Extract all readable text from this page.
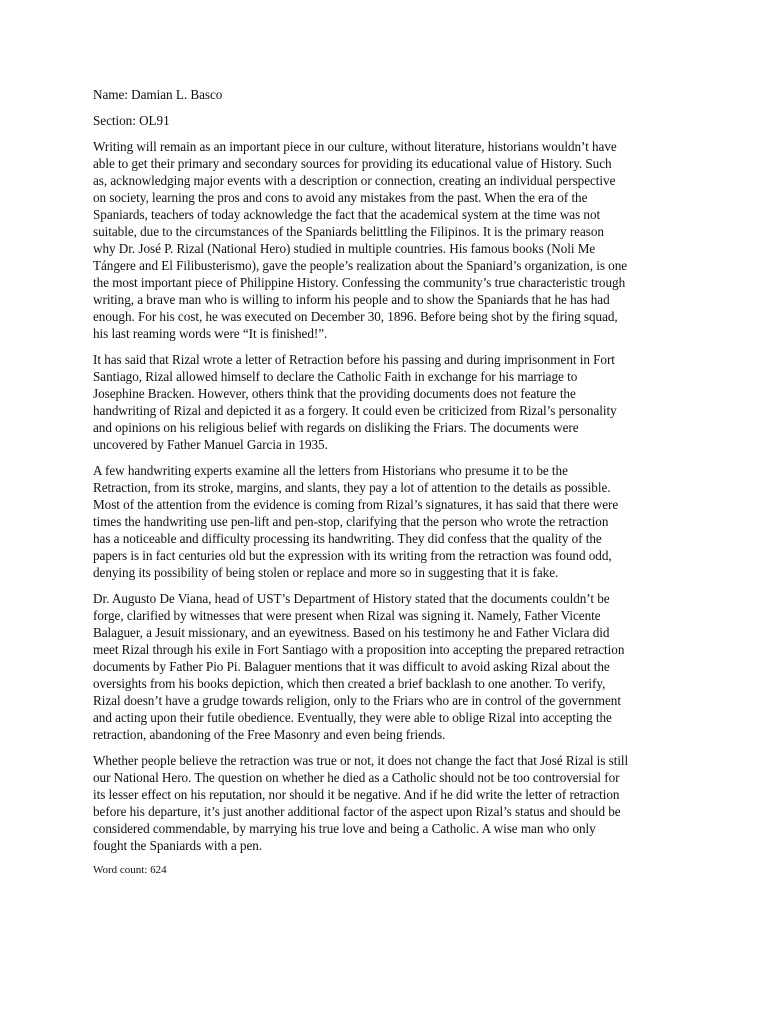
Name: Damian L. Basco

Section: OL91

Writing will remain as an important piece in our culture, without literature, historians wouldn’t have

able to get their primary and secondary sources for providing its educational value of History. Such

as, acknowledging major events with a description or connection, creating an individual perspective

on society, learning the pros and cons to avoid any mistakes from the past. When the era of the

Spaniards, teachers of today acknowledge the fact that the academical system at the time was not

suitable, due to the circumstances of the Spaniards belittling the Filipinos. It is the primary reason

why Dr. José P. Rizal (National Hero) studied in multiple countries. His famous books (Noli Me

Tángere and El Filibusterismo), gave the people’s realization about the Spaniard’s organization, is one

the most important piece of Philippine History. Confessing the community’s true characteristic trough

writing, a brave man who is willing to inform his people and to show the Spaniards that he has had

enough. For his cost, he was executed on December 30, 1896. Before being shot by the firing squad,

his last reaming words were “It is finished!”.

It has said that Rizal wrote a letter of Retraction before his passing and during imprisonment in Fort

Santiago, Rizal allowed himself to declare the Catholic Faith in exchange for his marriage to

Josephine Bracken. However, others think that the providing documents does not feature the

handwriting of Rizal and depicted it as a forgery. It could even be criticized from Rizal’s personality

and opinions on his religious belief with regards on disliking the Friars. The documents were

uncovered by Father Manuel Garcia in 1935.

A few handwriting experts examine all the letters from Historians who presume it to be the

Retraction, from its stroke, margins, and slants, they pay a lot of attention to the details as possible.

Most of the attention from the evidence is coming from Rizal’s signatures, it has said that there were

times the handwriting use pen-lift and pen-stop, clarifying that the person who wrote the retraction

has a noticeable and difficulty processing its handwriting. They did confess that the quality of the

papers is in fact centuries old but the expression with its writing from the retraction was found odd,

denying its possibility of being stolen or replace and more so in suggesting that it is fake.

Dr. Augusto De Viana, head of UST’s Department of History stated that the documents couldn’t be

forge, clarified by witnesses that were present when Rizal was signing it. Namely, Father Vicente

Balaguer, a Jesuit missionary, and an eyewitness. Based on his testimony he and Father Viclara did

meet Rizal through his exile in Fort Santiago with a proposition into accepting the prepared retraction

documents by Father Pio Pi. Balaguer mentions that it was difficult to avoid asking Rizal about the

oversights from his books depiction, which then created a brief backlash to one another. To verify,

Rizal doesn’t have a grudge towards religion, only to the Friars who are in control of the government

and acting upon their futile obedience. Eventually, they were able to oblige Rizal into accepting the

retraction, abandoning of the Free Masonry and even being friends.

Whether people believe the retraction was true or not, it does not change the fact that José Rizal is still

our National Hero. The question on whether he died as a Catholic should not be too controversial for

its lesser effect on his reputation, nor should it be negative. And if he did write the letter of retraction

before his departure, it’s just another additional factor of the aspect upon Rizal’s status and should be

considered commendable, by marrying his true love and being a Catholic. A wise man who only

fought the Spaniards with a pen.

Word count: 624
